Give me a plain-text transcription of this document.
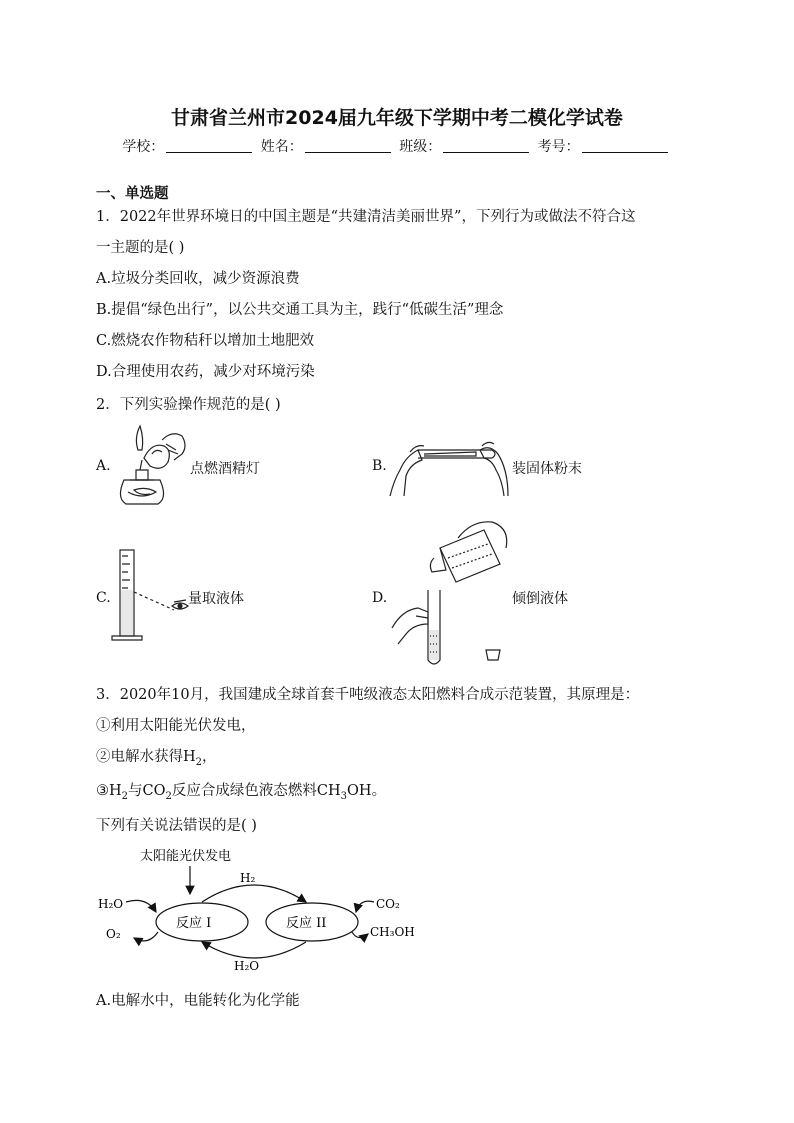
甘肃省兰州市2024届九年级下学期中考二模化学试卷
学校：	姓名：	班级：	考号：
一、单选题
1．2022年世界环境日的中国主题是“共建清洁美丽世界”，下列行为或做法不符合这
一主题的是( )
A.垃圾分类回收，减少资源浪费
B.提倡“绿色出行”，以公共交通工具为主，践行“低碳生活”理念
C.燃烧农作物秸秆以增加土地肥效
D.合理使用农药，减少对环境污染
2．下列实验操作规范的是( )
A.	点燃酒精灯	B.	装固体粉末
C.	量取液体	D.	倾倒液体
3．2020年10月，我国建成全球首套千吨级液态太阳燃料合成示范装置，其原理是：
①利用太阳能光伏发电，
②电解水获得$H_2$，
$③H_2$与$CO_2$反应合成绿色液态燃料$CH_3OH$。
下列有关说法错误的是( )
太阳能光伏发电
反应 I	反应 II
H₂
H₂O
H₂O
O₂
CO₂
CH₃OH
A.电解水中，电能转化为化学能
